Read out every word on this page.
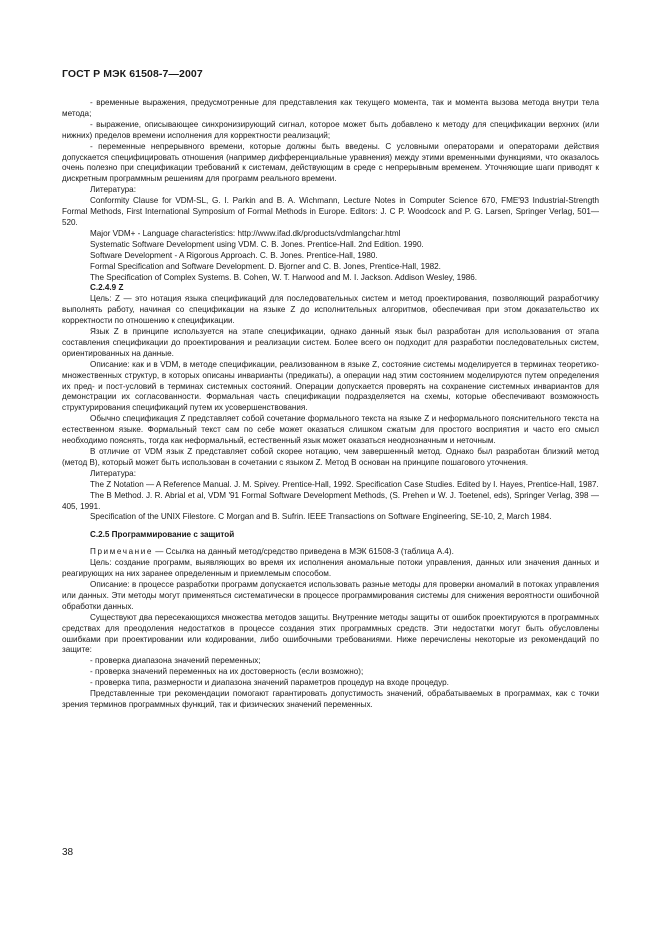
ГОСТ Р МЭК 61508-7—2007

- временные выражения, предусмотренные для представления как текущего момента, так и момента вызова метода внутри тела метода;

- выражение, описывающее синхронизирующий сигнал, которое может быть добавлено к методу для спецификации верхних (или нижних) пределов времени исполнения для корректности реализаций;

- переменные непрерывного времени, которые должны быть введены. С условными операторами и операторами действия допускается специфицировать отношения (например дифференциальные уравнения) между этими временными функциями, что оказалось очень полезно при спецификации требований к системам, действующим в среде с непрерывным временем. Уточняющие шаги приводят к дискретным программным решениям для программ реального времени.

Литература:

Conformity Clause for VDM-SL, G. I. Parkin and B. A. Wichmann, Lecture Notes in Computer Science 670, FME'93 Industrial-Strength Formal Methods, First International Symposium of Formal Methods in Europe. Editors: J. C P. Woodcock and P. G. Larsen, Springer Verlag, 501—520.

Major VDM+ - Language characteristics: http://www.ifad.dk/products/vdmlangchar.html

Systematic Software Development using VDM. C. B. Jones. Prentice-Hall. 2nd Edition. 1990.

Software Development - A Rigorous Approach. C. B. Jones. Prentice-Hall, 1980.

Formal Specification and Software Development. D. Bjorner and C. B. Jones, Prentice-Hall, 1982.

The Specification of Complex Systems. B. Cohen, W. T. Harwood and M. I. Jackson. Addison Wesley, 1986.

C.2.4.9 Z

Цель: Z — это нотация языка спецификаций для последовательных систем и метод проектирования, позволяющий разработчику выполнять работу, начиная со спецификации на языке Z до исполнительных алгоритмов, обеспечивая при этом доказательство их корректности по отношению к спецификации.

Язык Z в принципе используется на этапе спецификации, однако данный язык был разработан для использования от этапа составления спецификации до проектирования и реализации систем. Более всего он подходит для разработки последовательных систем, ориентированных на данные.

Описание: как и в VDM, в методе спецификации, реализованном в языке Z, состояние системы моделируется в терминах теоретико-множественных структур, в которых описаны инварианты (предикаты), а операции над этим состоянием моделируются путем определения их пред- и пост-условий в терминах системных состояний. Операции допускается проверять на сохранение системных инвариантов для демонстрации их согласованности. Формальная часть спецификации подразделяется на схемы, которые обеспечивают возможность структурирования спецификаций путем их усовершенствования.

Обычно спецификация Z представляет собой сочетание формального текста на языке Z и неформального пояснительного текста на естественном языке. Формальный текст сам по себе может оказаться слишком сжатым для простого восприятия и часто его смысл необходимо пояснять, тогда как неформальный, естественный язык может оказаться неоднозначным и неточным.

В отличие от VDM язык Z представляет собой скорее нотацию, чем завершенный метод. Однако был разработан близкий метод (метод B), который может быть использован в сочетании с языком Z. Метод B основан на принципе пошагового уточнения.

Литература:

The Z Notation — A Reference Manual. J. M. Spivey. Prentice-Hall, 1992. Specification Case Studies. Edited by I. Hayes, Prentice-Hall, 1987.

The B Method. J. R. Abrial et al, VDM '91 Formal Software Development Methods, (S. Prehen и W. J. Toetenel, eds), Springer Verlag, 398 — 405, 1991.

Specification of the UNIX Filestore. C Morgan and B. Sufrin. IEEE Transactions on Software Engineering, SE-10, 2, March 1984.

C.2.5 Программирование с защитой

Примечание — Ссылка на данный метод/средство приведена в МЭК 61508-3 (таблица А.4).

Цель: создание программ, выявляющих во время их исполнения аномальные потоки управления, данных или значения данных и реагирующих на них заранее определенным и приемлемым способом.

Описание: в процессе разработки программ допускается использовать разные методы для проверки аномалий в потоках управления или данных. Эти методы могут применяться систематически в процессе программирования системы для снижения вероятности ошибочной обработки данных.

Существуют два пересекающихся множества методов защиты. Внутренние методы защиты от ошибок проектируются в программных средствах для преодоления недостатков в процессе создания этих программных средств. Эти недостатки могут быть обусловлены ошибками при проектировании или кодировании, либо ошибочными требованиями. Ниже перечислены некоторые из рекомендаций по защите:

- проверка диапазона значений переменных;

- проверка значений переменных на их достоверность (если возможно);

- проверка типа, размерности и диапазона значений параметров процедур на входе процедур.

Представленные три рекомендации помогают гарантировать допустимость значений, обрабатываемых в программах, как с точки зрения терминов программных функций, так и физических значений переменных.

38
